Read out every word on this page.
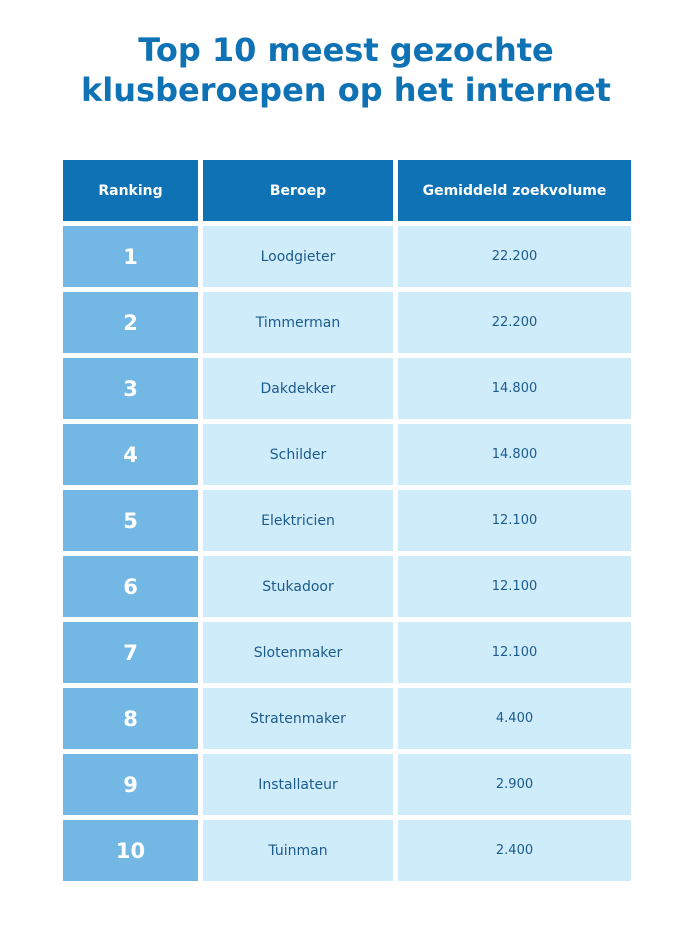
Top 10 meest gezochte
klusberoepen op het internet
Ranking	Beroep	Gemiddeld zoekvolume
1	Loodgieter	22.200
2	Timmerman	22.200
3	Dakdekker	14.800
4	Schilder	14.800
5	Elektricien	12.100
6	Stukadoor	12.100
7	Slotenmaker	12.100
8	Stratenmaker	4.400
9	Installateur	2.900
10	Tuinman	2.400
